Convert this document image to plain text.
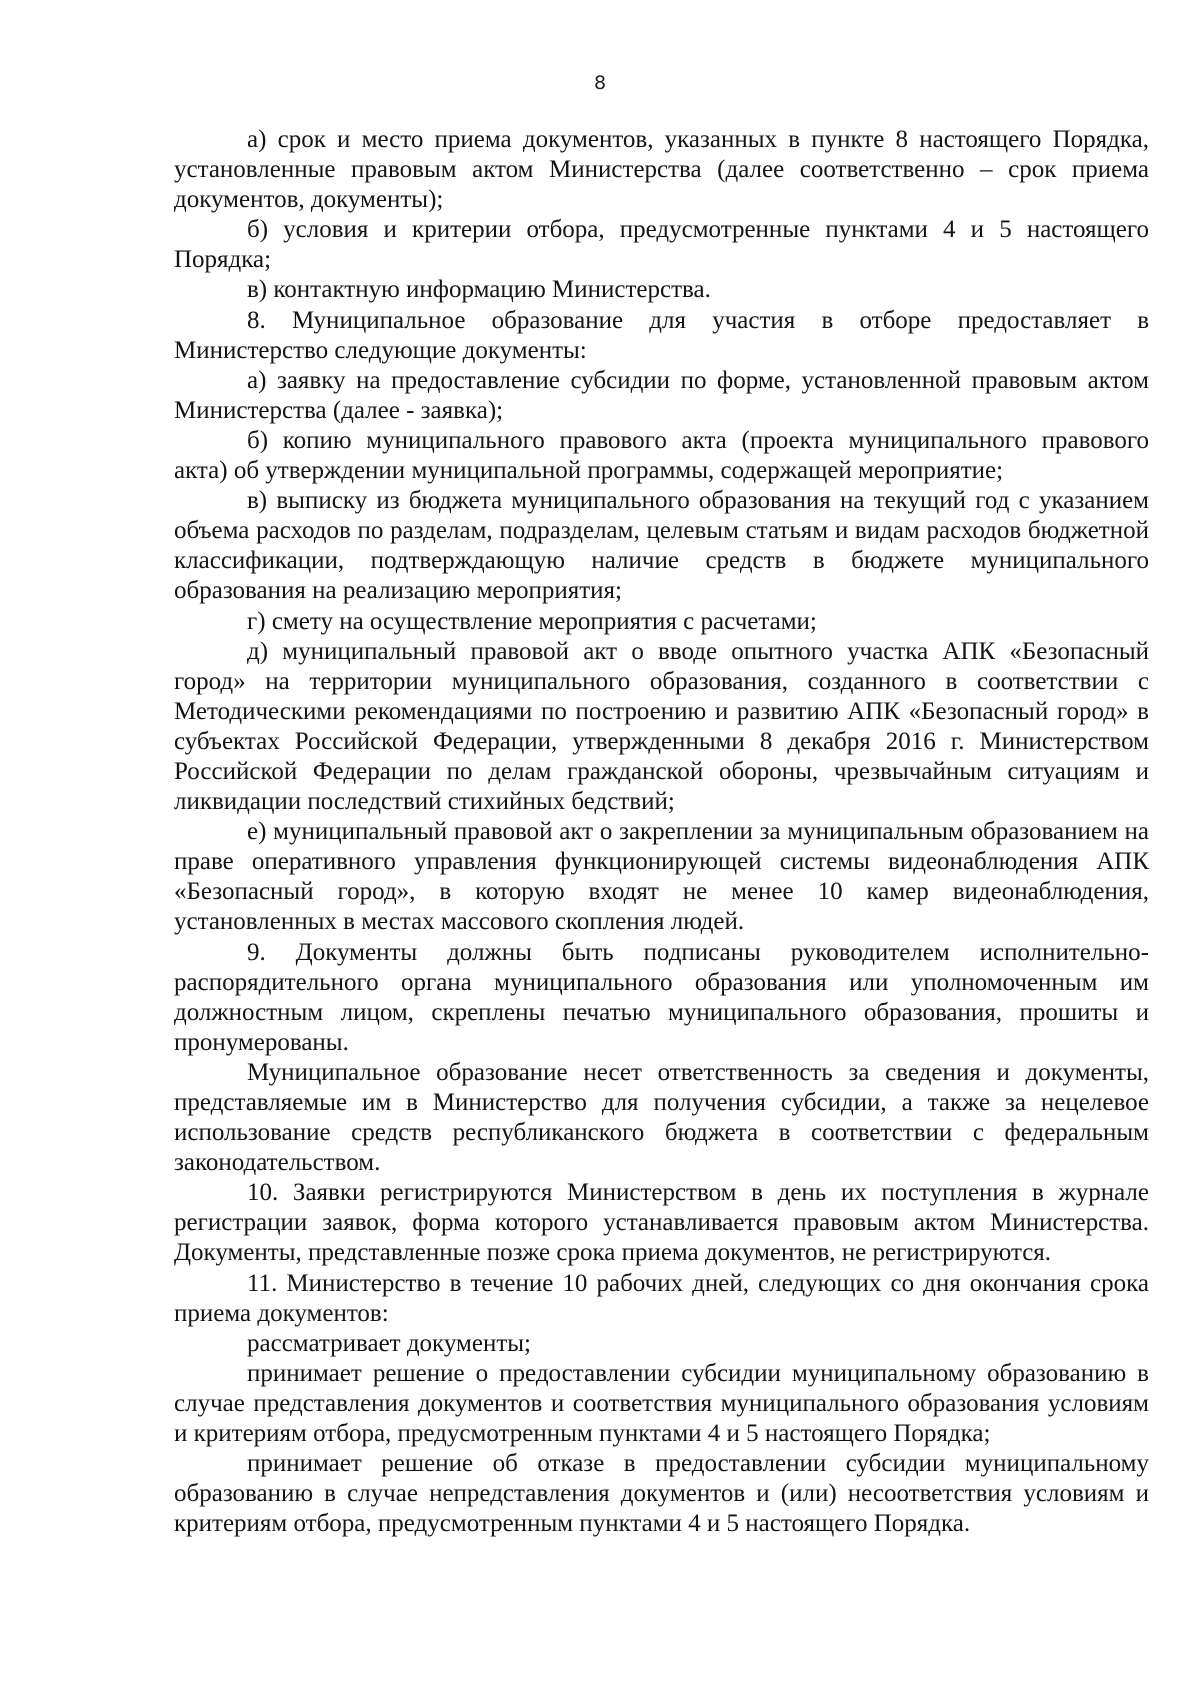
8

а) срок и место приема документов, указанных в пункте 8 настоящего Порядка, установленные правовым актом Министерства (далее соответственно – срок приема документов, документы);

б) условия и критерии отбора, предусмотренные пунктами 4 и 5 настоящего Порядка;

в) контактную информацию Министерства.

8. Муниципальное образование для участия в отборе предоставляет в Министерство следующие документы:

а) заявку на предоставление субсидии по форме, установленной правовым актом Министерства (далее - заявка);

б) копию муниципального правового акта (проекта муниципального правового акта) об утверждении муниципальной программы, содержащей мероприятие;

в) выписку из бюджета муниципального образования на текущий год с указанием объема расходов по разделам, подразделам, целевым статьям и видам расходов бюджетной классификации, подтверждающую наличие средств в бюджете муниципального образования на реализацию мероприятия;

г) смету на осуществление мероприятия с расчетами;

д) муниципальный правовой акт о вводе опытного участка АПК «Безопасный город» на территории муниципального образования, созданного в соответствии с Методическими рекомендациями по построению и развитию АПК «Безопасный город» в субъектах Российской Федерации, утвержденными 8 декабря 2016 г. Министерством Российской Федерации по делам гражданской обороны, чрезвычайным ситуациям и ликвидации последствий стихийных бедствий;

е) муниципальный правовой акт о закреплении за муниципальным образованием на праве оперативного управления функционирующей системы видеонаблюдения АПК «Безопасный город», в которую входят не менее 10 камер видеонаблюдения, установленных в местах массового скопления людей.

9. Документы должны быть подписаны руководителем исполнительно-распорядительного органа муниципального образования или уполномоченным им должностным лицом, скреплены печатью муниципального образования, прошиты и пронумерованы.

Муниципальное образование несет ответственность за сведения и документы, представляемые им в Министерство для получения субсидии, а также за нецелевое использование средств республиканского бюджета в соответствии с федеральным законодательством.

10. Заявки регистрируются Министерством в день их поступления в журнале регистрации заявок, форма которого устанавливается правовым актом Министерства. Документы, представленные позже срока приема документов, не регистрируются.

11. Министерство в течение 10 рабочих дней, следующих со дня окончания срока приема документов:

рассматривает документы;

принимает решение о предоставлении субсидии муниципальному образованию в случае представления документов и соответствия муниципального образования условиям и критериям отбора, предусмотренным пунктами 4 и 5 настоящего Порядка;

принимает решение об отказе в предоставлении субсидии муниципальному образованию в случае непредставления документов и (или) несоответствия условиям и критериям отбора, предусмотренным пунктами 4 и 5 настоящего Порядка.
